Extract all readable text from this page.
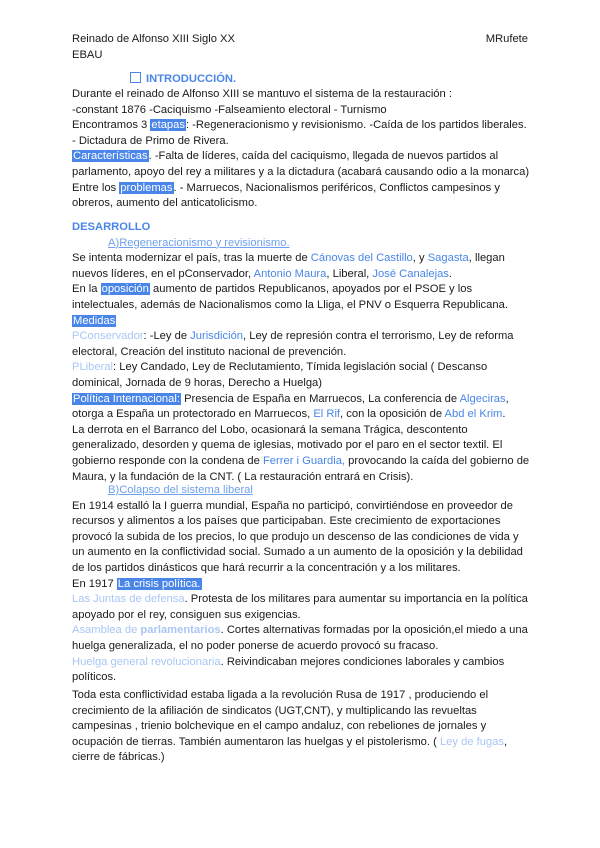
Reinado de Alfonso XIII Siglo XX	MRufete
EBAU
INTRODUCCIÓN.

Durante el reinado de Alfonso XIII se mantuvo el sistema de la restauración :

-constant 1876 -Caciquismo -Falseamiento electoral - Turnismo

Encontramos 3 etapas: -Regeneracionismo y revisionismo. -Caída de los partidos liberales.

- Dictadura de Primo de Rivera.

Características. -Falta de líderes, caída del caciquismo, llegada de nuevos partidos al

parlamento, apoyo del rey a militares y a la dictadura (acabará causando odio a la monarca)

Entre los problemas. - Marruecos, Nacionalismos periféricos, Conflictos campesinos y

obreros, aumento del anticatolicismo.

DESARROLLO

A)Regeneracionismo y revisionismo.

Se intenta modernizar el país, tras la muerte de Cánovas del Castillo, y Sagasta, llegan

nuevos líderes, en el pConservador, Antonio Maura, Liberal, José Canalejas.

En la oposición aumento de partidos Republicanos, apoyados por el PSOE y los

intelectuales, además de Nacionalismos como la Lliga, el PNV o Esquerra Republicana.

Medidas

PConservador: -Ley de Jurisdición, Ley de represión contra el terrorismo, Ley de reforma

electoral, Creación del instituto nacional de prevención.

PLiberal: Ley Candado, Ley de Reclutamiento, Tímida legislación social ( Descanso

dominical, Jornada de 9 horas, Derecho a Huelga)

Política Internacional: Presencia de España en Marruecos, La conferencia de Algeciras,

otorga a España un protectorado en Marruecos, El Rif, con la oposición de Abd el Krim.

La derrota en el Barranco del Lobo, ocasionará la semana Trágica, descontento

generalizado, desorden y quema de iglesias, motivado por el paro en el sector textil. El

gobierno responde con la condena de Ferrer i Guardia, provocando la caída del gobierno de

Maura, y la fundación de la CNT. ( La restauración entrará en Crisis).

B)Colapso del sistema liberal

En 1914 estalló la I guerra mundial, España no participó, convirtiéndose en proveedor de

recursos y alimentos a los países que participaban. Este crecimiento de exportaciones

provocó la subida de los precios, lo que produjo un descenso de las condiciones de vida y

un aumento en la conflictividad social. Sumado a un aumento de la oposición y la debilidad

de los partidos dinásticos que hará recurrir a la concentración y a los militares.

En 1917 La crisis política.

Las Juntas de defensa. Protesta de los militares para aumentar su importancia en la política

apoyado por el rey, consiguen sus exigencias.

Asamblea de parlamentarios. Cortes alternativas formadas por la oposición,el miedo a una

huelga generalizada, el no poder ponerse de acuerdo provocó su fracaso.

Huelga general revolucionaria. Reivindicaban mejores condiciones laborales y cambios

políticos.

Toda esta conflictividad estaba ligada a la revolución Rusa de 1917 , produciendo el

crecimiento de la afiliación de sindicatos (UGT,CNT), y multiplicando las revueltas

campesinas , trienio bolchevique en el campo andaluz, con rebeliones de jornales y

ocupación de tierras. También aumentaron las huelgas y el pistolerismo. ( Ley de fugas,

cierre de fábricas.)
